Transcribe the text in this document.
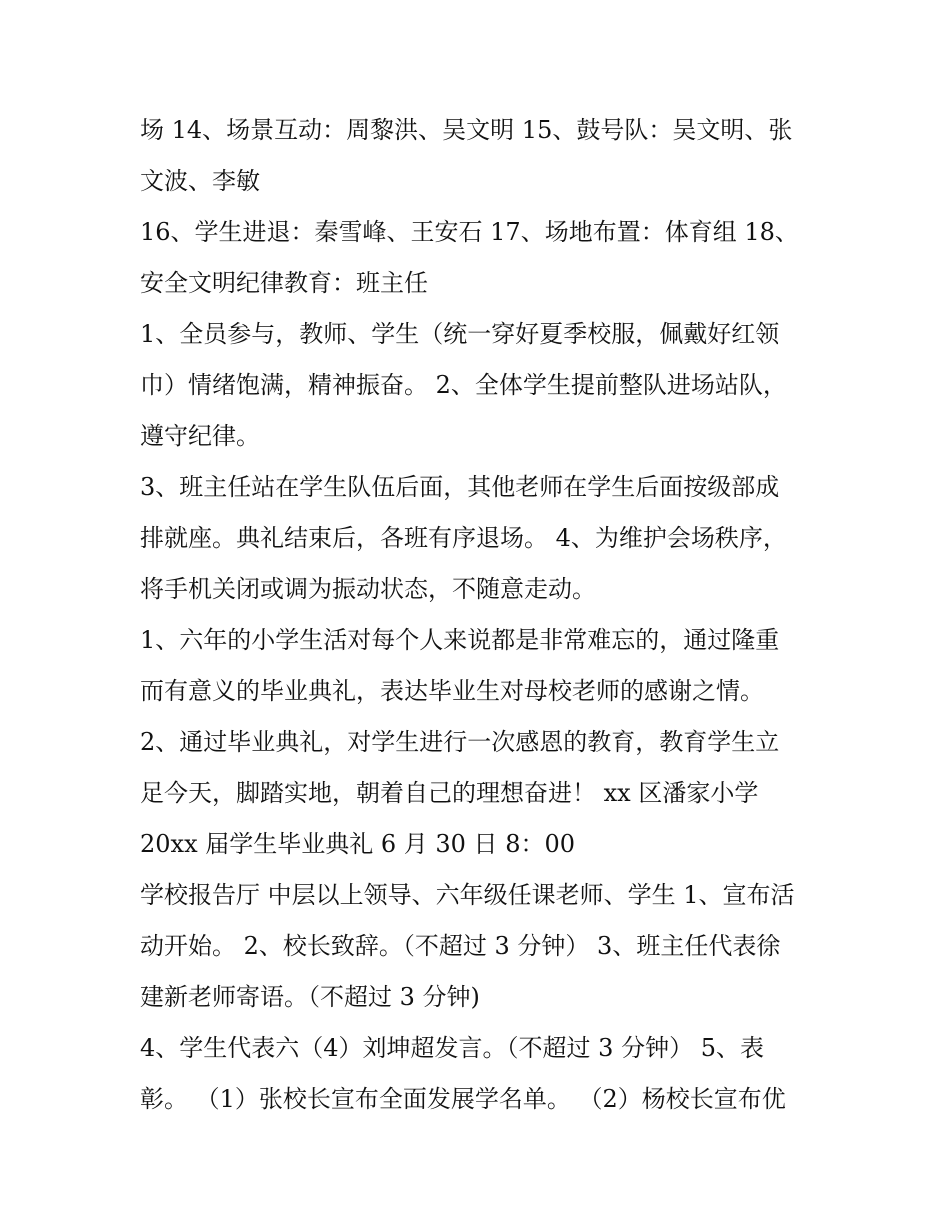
场 14、场景互动：周黎洪、吴文明 15、鼓号队：吴文明、张
文波、李敏
16、学生进退：秦雪峰、王安石 17、场地布置：体育组 18、
安全文明纪律教育：班主任
1、全员参与，教师、学生（统一穿好夏季校服，佩戴好红领
巾）情绪饱满，精神振奋。 2、全体学生提前整队进场站队，
遵守纪律。
3、班主任站在学生队伍后面，其他老师在学生后面按级部成
排就座。典礼结束后，各班有序退场。 4、为维护会场秩序，
将手机关闭或调为振动状态，不随意走动。
1、六年的小学生活对每个人来说都是非常难忘的，通过隆重
而有意义的毕业典礼，表达毕业生对母校老师的感谢之情。
2、通过毕业典礼，对学生进行一次感恩的教育，教育学生立
足今天，脚踏实地，朝着自己的理想奋进！ xx 区潘家小学
20xx 届学生毕业典礼 6 月 30 日 8：00
学校报告厅 中层以上领导、六年级任课老师、学生 1、宣布活
动开始。 2、校长致辞。（不超过 3 分钟） 3、班主任代表徐
建新老师寄语。（不超过 3 分钟)
4、学生代表六（4）刘坤超发言。（不超过 3 分钟） 5、表
彰。 （1）张校长宣布全面发展学名单。 （2）杨校长宣布优
